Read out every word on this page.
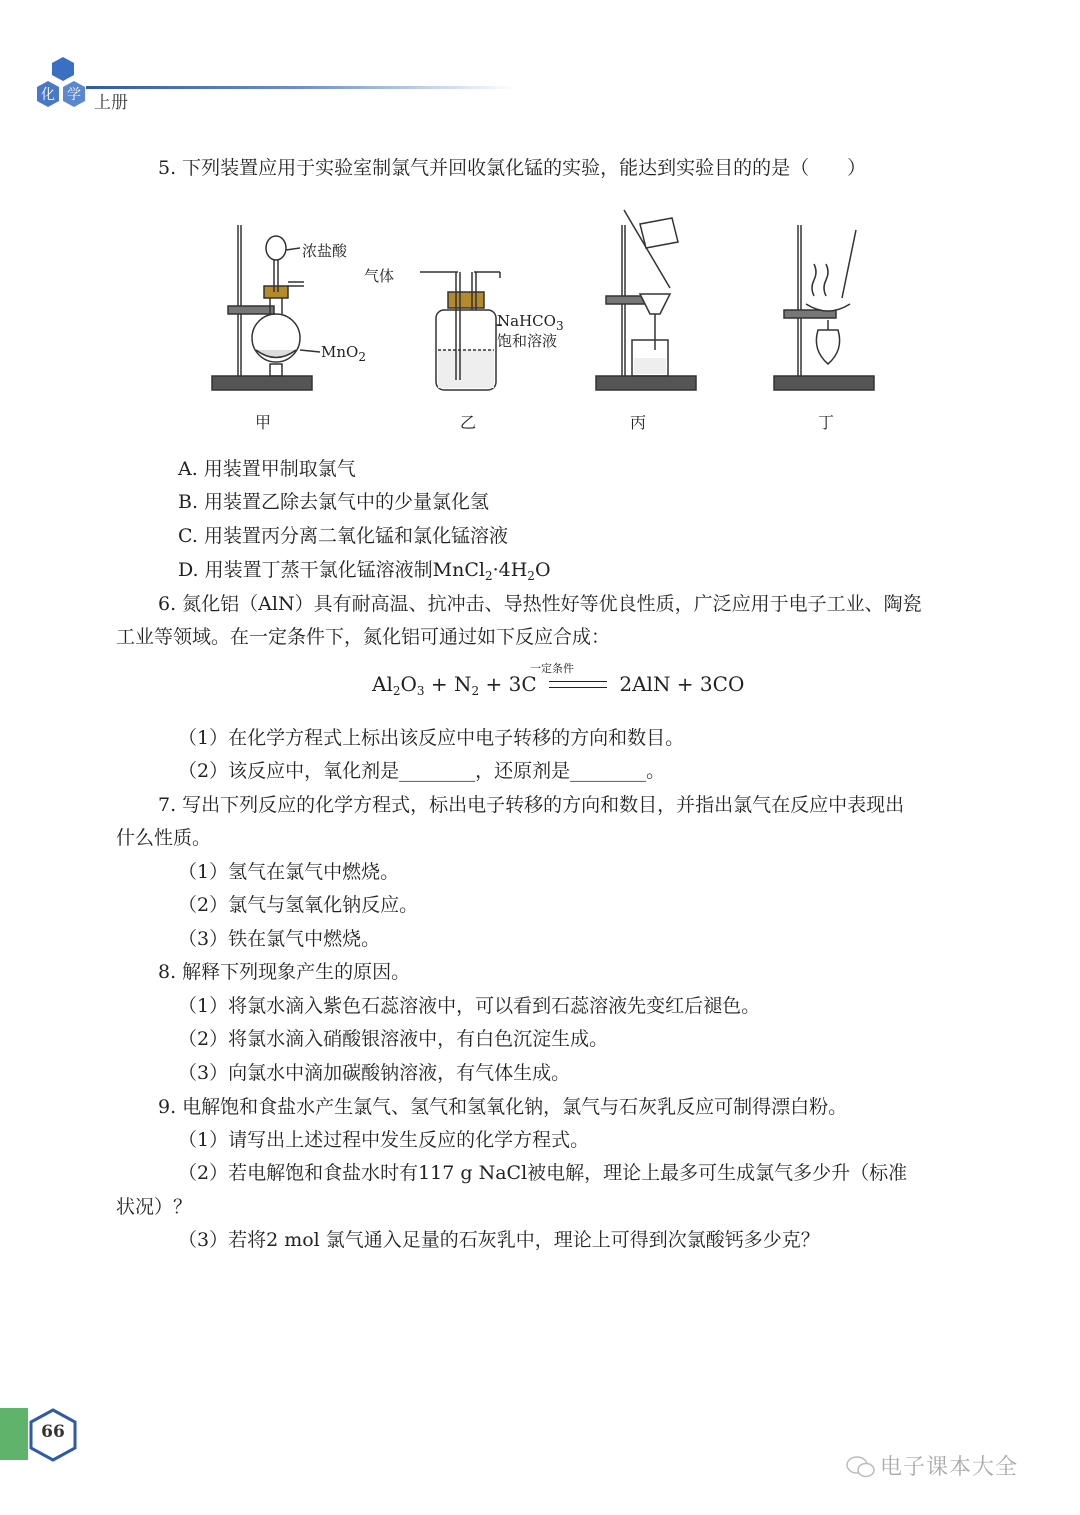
化 学 上册
5. 下列装置应用于实验室制氯气并回收氯化锰的实验，能达到实验目的的是（　　）
浓盐酸
MnO$_2$
气体
NaHCO$_3$
饱和溶液
甲	乙	丙	丁
A. 用装置甲制取氯气
B. 用装置乙除去氯气中的少量氯化氢
C. 用装置丙分离二氧化锰和氯化锰溶液
D. 用装置丁蒸干氯化锰溶液制$MnCl_2\cdot 4H_2O$
6. 氮化铝（AlN）具有耐高温、抗冲击、导热性好等优良性质，广泛应用于电子工业、陶瓷
工业等领域。在一定条件下，氮化铝可通过如下反应合成：
一定条件
$Al_2O_3 + N_2 + 3C$	2AlN + 3CO
（1）在化学方程式上标出该反应中电子转移的方向和数目。
（2）该反应中，氧化剂是________，还原剂是________。
7. 写出下列反应的化学方程式，标出电子转移的方向和数目，并指出氯气在反应中表现出
什么性质。
（1）氢气在氯气中燃烧。
（2）氯气与氢氧化钠反应。
（3）铁在氯气中燃烧。
8. 解释下列现象产生的原因。
（1）将氯水滴入紫色石蕊溶液中，可以看到石蕊溶液先变红后褪色。
（2）将氯水滴入硝酸银溶液中，有白色沉淀生成。
（3）向氯水中滴加碳酸钠溶液，有气体生成。
9. 电解饱和食盐水产生氯气、氢气和氢氧化钠，氯气与石灰乳反应可制得漂白粉。
（1）请写出上述过程中发生反应的化学方程式。
（2）若电解饱和食盐水时有117 g NaCl被电解，理论上最多可生成氯气多少升（标准
状况）？
（3）若将2 mol 氯气通入足量的石灰乳中，理论上可得到次氯酸钙多少克？
66
电子课本大全
